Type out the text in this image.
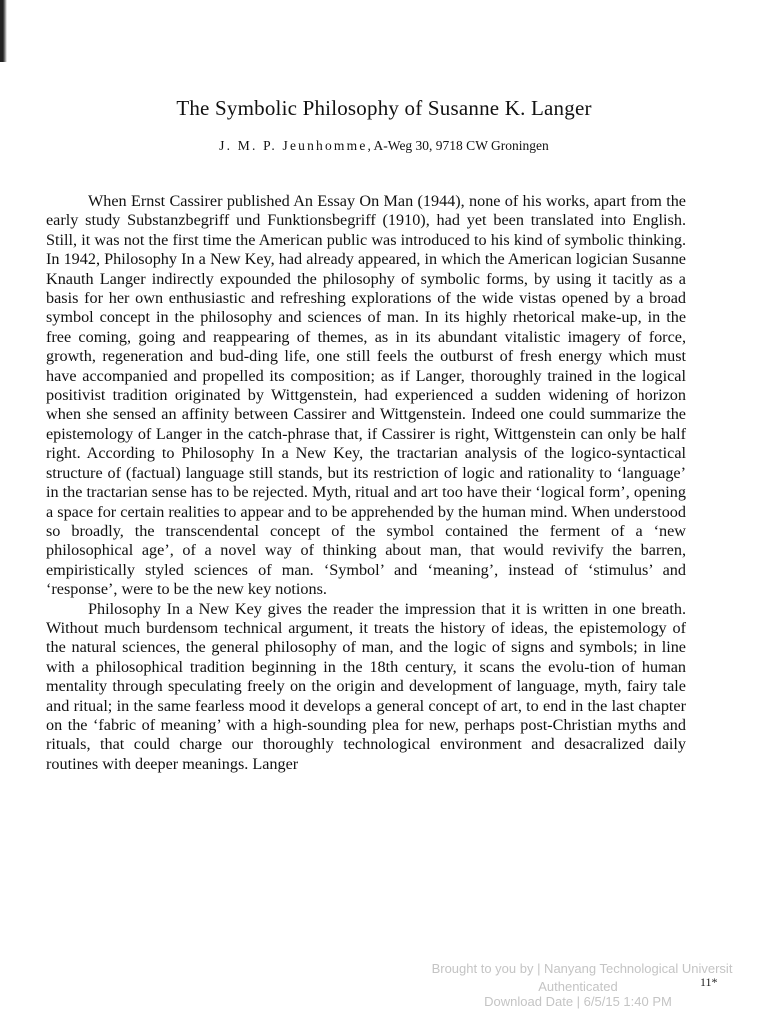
The Symbolic Philosophy of Susanne K. Langer
J. M. P. Jeunhomme, A-Weg 30, 9718 CW Groningen

When Ernst Cassirer published An Essay On Man (1944), none of his works, apart from the early study Substanzbegriff und Funktionsbegriff (1910), had yet been translated into English. Still, it was not the first time the American public was introduced to his kind of symbolic thinking. In 1942, Philosophy In a New Key, had already appeared, in which the American logician Susanne Knauth Langer indirectly expounded the philosophy of symbolic forms, by using it tacitly as a basis for her own enthusiastic and refreshing explorations of the wide vistas opened by a broad symbol concept in the philosophy and sciences of man. In its highly rhetorical make-up, in the free coming, going and reappearing of themes, as in its abundant vitalistic imagery of force, growth, regeneration and bud-ding life, one still feels the outburst of fresh energy which must have accompanied and propelled its composition; as if Langer, thoroughly trained in the logical positivist tradition originated by Wittgenstein, had experienced a sudden widening of horizon when she sensed an affinity between Cassirer and Wittgenstein. Indeed one could summarize the epistemology of Langer in the catch-phrase that, if Cassirer is right, Wittgenstein can only be half right. According to Philosophy In a New Key, the tractarian analysis of the logico-syntactical structure of (factual) language still stands, but its restriction of logic and rationality to ‘language’ in the tractarian sense has to be rejected. Myth, ritual and art too have their ‘logical form’, opening a space for certain realities to appear and to be apprehended by the human mind. When understood so broadly, the transcendental concept of the symbol contained the ferment of a ‘new philosophical age’, of a novel way of thinking about man, that would revivify the barren, empiristically styled sciences of man. ‘Symbol’ and ‘meaning’, instead of ‘stimulus’ and ‘response’, were to be the new key notions.

Philosophy In a New Key gives the reader the impression that it is written in one breath. Without much burdensom technical argument, it treats the history of ideas, the epistemology of the natural sciences, the general philosophy of man, and the logic of signs and symbols; in line with a philosophical tradition beginning in the 18th century, it scans the evolu-tion of human mentality through speculating freely on the origin and development of language, myth, fairy tale and ritual; in the same fearless mood it develops a general concept of art, to end in the last chapter on the ‘fabric of meaning’ with a high-sounding plea for new, perhaps post-Christian myths and rituals, that could charge our thoroughly technological environment and desacralized daily routines with deeper meanings. Langer

Brought to you by | Nanyang Technological Universit
Authenticated	11*
Download Date | 6/5/15 1:40 PM
